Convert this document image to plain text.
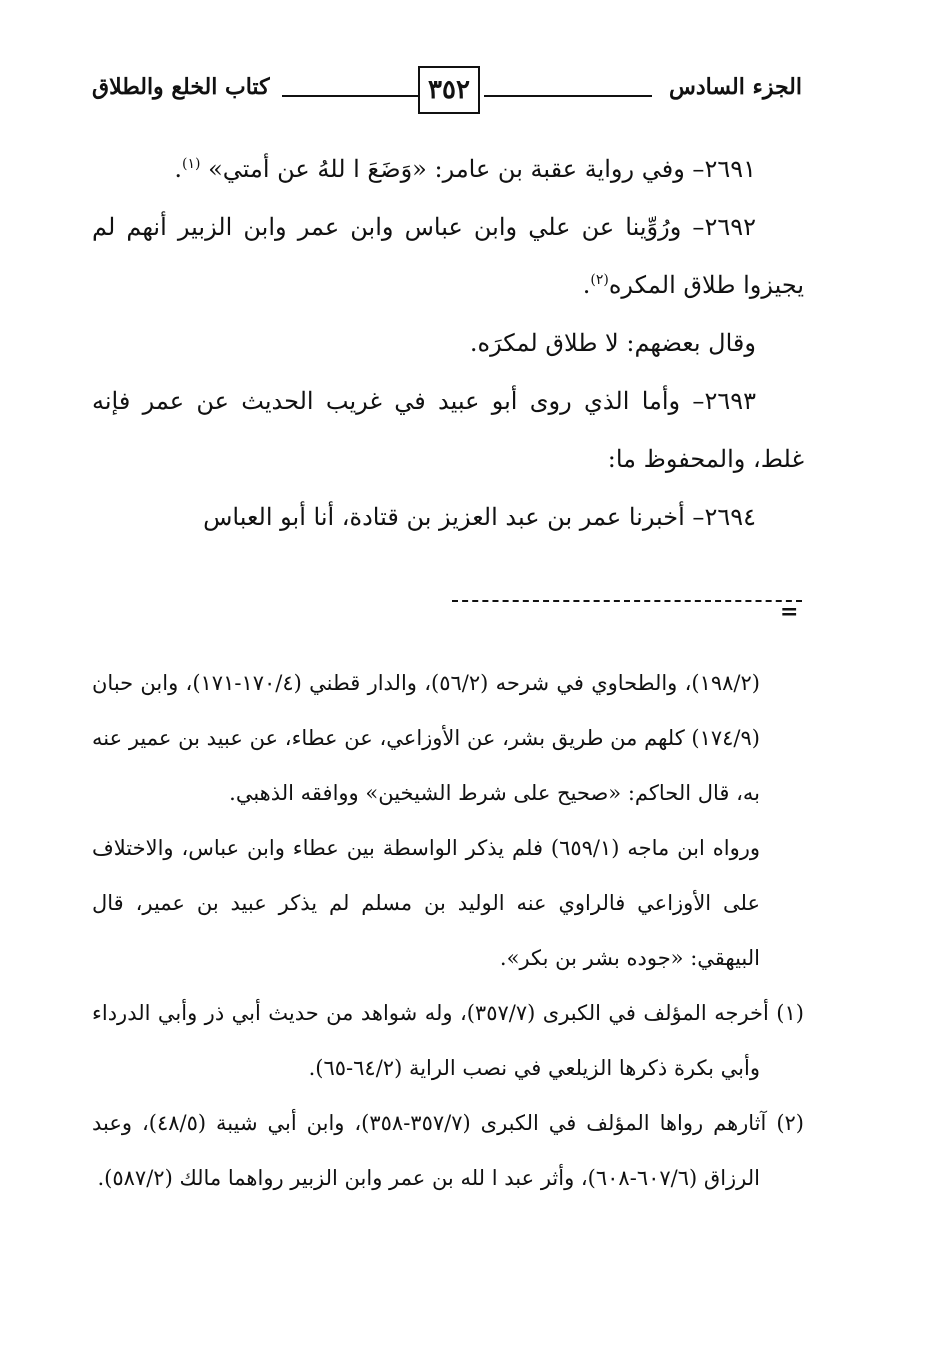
الجزء السادس
٣٥٢
كتاب الخلع والطلاق

٢٦٩١– وفي رواية عقبة بن عامر: «وَضَعَ ا للهُ عن أمتي» $^{(١)}$.

٢٦٩٢– ورُوِّينا عن علي وابن عباس وابن عمر وابن الزبير أنهم لم يجيزوا طلاق المكره$^{(٢)}$.

وقال بعضهم: لا طلاق لمكرَه.

٢٦٩٣– وأما الذي روى أبو عبيد في غريب الحديث عن عمر فإنه غلط، والمحفوظ ما:

٢٦٩٤– أخبرنا عمر بن عبد العزيز بن قتادة، أنا أبو العباس

=

(١٩٨/٢)، والطحاوي في شرحه (٥٦/٢)، والدار قطني (١٧٠/٤-١٧١)، وابن حبان (١٧٤/٩) كلهم من طريق بشر، عن الأوزاعي، عن عطاء، عن عبيد بن عمير عنه به، قال الحاكم: «صحيح على شرط الشيخين» ووافقه الذهبي.

ورواه ابن ماجه (٦٥٩/١) فلم يذكر الواسطة بين عطاء وابن عباس، والاختلاف على الأوزاعي فالراوي عنه الوليد بن مسلم لم يذكر عبيد بن عمير، قال البيهقي: «جوده بشر بن بكر».

(١) أخرجه المؤلف في الكبرى (٣٥٧/٧)، وله شواهد من حديث أبي ذر وأبي الدرداء وأبي بكرة ذكرها الزيلعي في نصب الراية (٦٤/٢-٦٥).

(٢) آثارهم رواها المؤلف في الكبرى (٣٥٧/٧-٣٥٨)، وابن أبي شيبة (٤٨/٥)، وعبد الرزاق (٦٠٧/٦-٦٠٨)، وأثر عبد ا لله بن عمر وابن الزبير رواهما مالك (٥٨٧/٢).
